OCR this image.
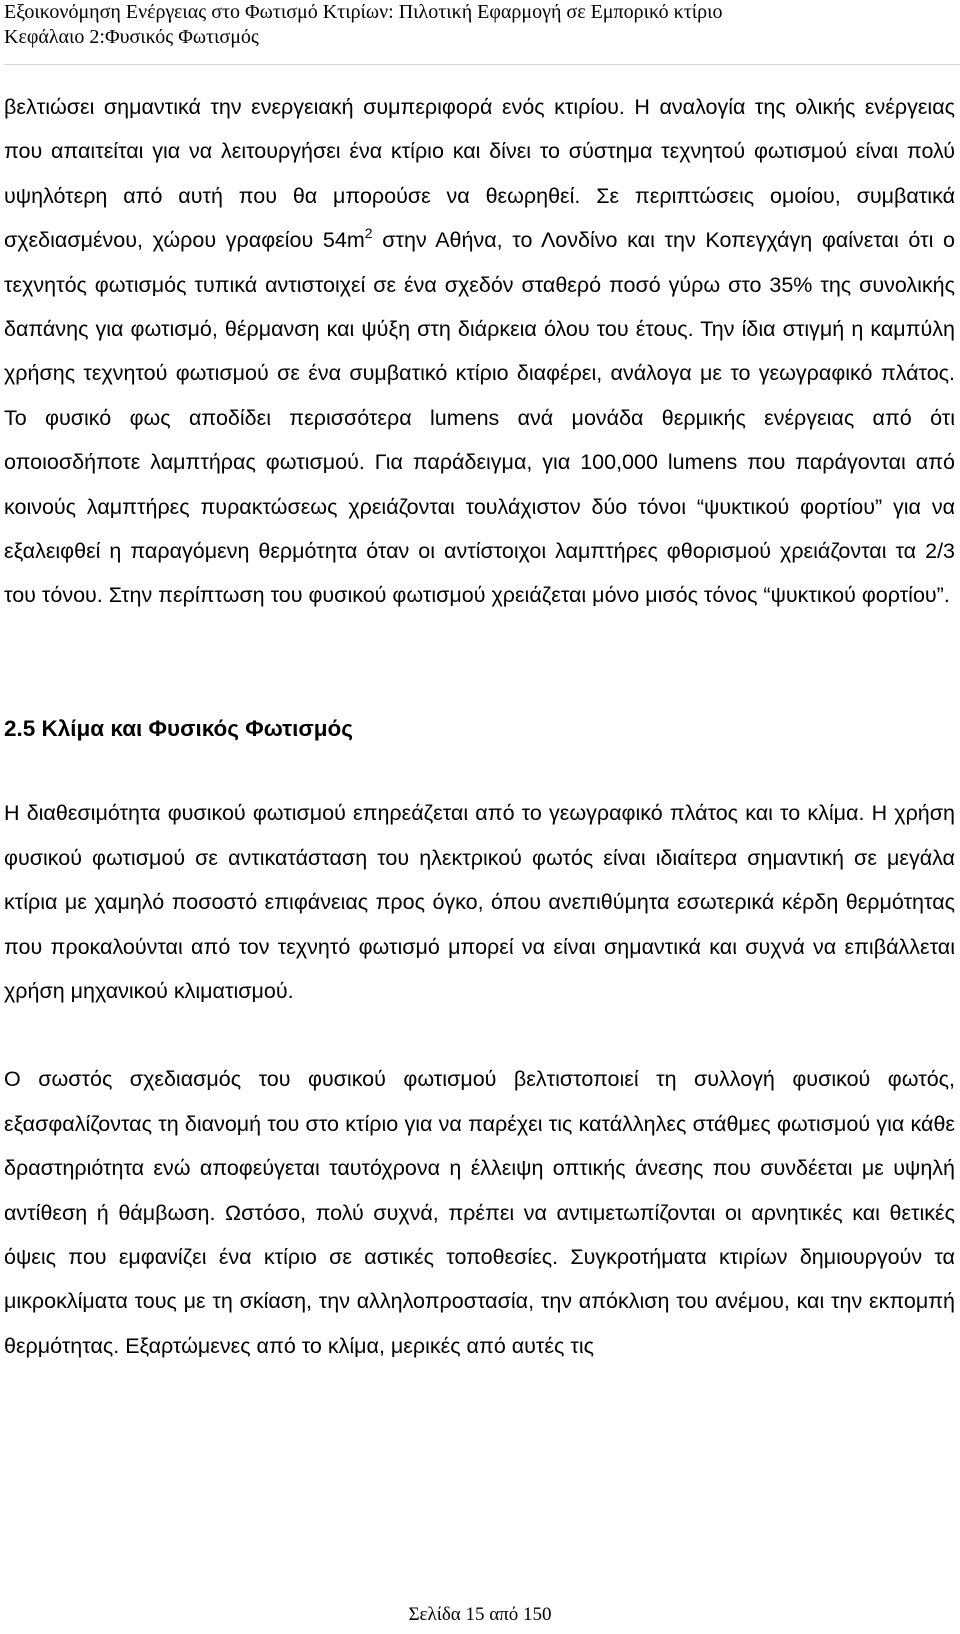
Εξοικονόμηση Ενέργειας στο Φωτισμό Κτιρίων: Πιλοτική Εφαρμογή σε Εμπορικό κτίριο
Κεφάλαιο 2:Φυσικός Φωτισμός

βελτιώσει σημαντικά την ενεργειακή συμπεριφορά ενός κτιρίου. Η αναλογία της ολικής ενέργειας που απαιτείται για να λειτουργήσει ένα κτίριο και δίνει το σύστημα τεχνητού φωτισμού είναι πολύ υψηλότερη από αυτή που θα μπορούσε να θεωρηθεί. Σε περιπτώσεις ομοίου, συμβατικά σχεδιασμένου, χώρου γραφείου $54m^2$ στην Αθήνα, το Λονδίνο και την Κοπεγχάγη φαίνεται ότι ο τεχνητός φωτισμός τυπικά αντιστοιχεί σε ένα σχεδόν σταθερό ποσό γύρω στο 35% της συνολικής δαπάνης για φωτισμό, θέρμανση και ψύξη στη διάρκεια όλου του έτους. Την ίδια στιγμή η καμπύλη χρήσης τεχνητού φωτισμού σε ένα συμβατικό κτίριο διαφέρει, ανάλογα με το γεωγραφικό πλάτος. Το φυσικό φως αποδίδει περισσότερα lumens ανά μονάδα θερμικής ενέργειας από ότι οποιοσδήποτε λαμπτήρας φωτισμού. Για παράδειγμα, για 100,000 lumens που παράγονται από κοινούς λαμπτήρες πυρακτώσεως χρειάζονται τουλάχιστον δύο τόνοι “ψυκτικού φορτίου” για να εξαλειφθεί η παραγόμενη θερμότητα όταν οι αντίστοιχοι λαμπτήρες φθορισμού χρειάζονται τα 2/3 του τόνου. Στην περίπτωση του φυσικού φωτισμού χρειάζεται μόνο μισός τόνος “ψυκτικού φορτίου”.

2.5 Κλίμα και Φυσικός Φωτισμός

Η διαθεσιμότητα φυσικού φωτισμού επηρεάζεται από το γεωγραφικό πλάτος και το κλίμα. Η χρήση φυσικού φωτισμού σε αντικατάσταση του ηλεκτρικού φωτός είναι ιδιαίτερα σημαντική σε μεγάλα κτίρια με χαμηλό ποσοστό επιφάνειας προς όγκο, όπου ανεπιθύμητα εσωτερικά κέρδη θερμότητας που προκαλούνται από τον τεχνητό φωτισμό μπορεί να είναι σημαντικά και συχνά να επιβάλλεται χρήση μηχανικού κλιματισμού.

Ο σωστός σχεδιασμός του φυσικού φωτισμού βελτιστοποιεί τη συλλογή φυσικού φωτός, εξασφαλίζοντας τη διανομή του στο κτίριο για να παρέχει τις κατάλληλες στάθμες φωτισμού για κάθε δραστηριότητα ενώ αποφεύγεται ταυτόχρονα η έλλειψη οπτικής άνεσης που συνδέεται με υψηλή αντίθεση ή θάμβωση. Ωστόσο, πολύ συχνά, πρέπει να αντιμετωπίζονται οι αρνητικές και θετικές όψεις που εμφανίζει ένα κτίριο σε αστικές τοποθεσίες. Συγκροτήματα κτιρίων δημιουργούν τα μικροκλίματα τους με τη σκίαση, την αλληλοπροστασία, την απόκλιση του ανέμου, και την εκπομπή θερμότητας. Εξαρτώμενες από το κλίμα, μερικές από αυτές τις

Σελίδα 15 από 150
